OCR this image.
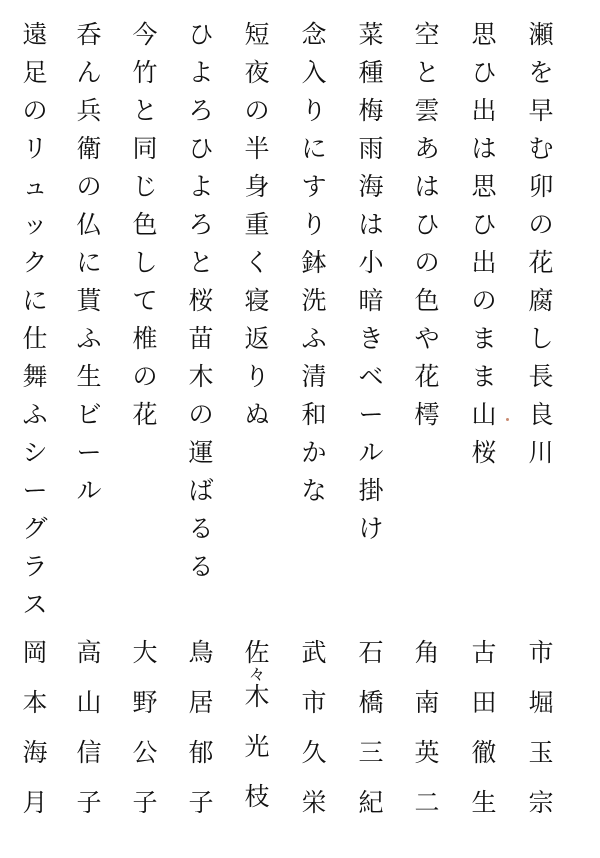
瀬
を
早
む
卯
の
花
腐
し
長
良
川
思
ひ
出
は
思
ひ
出
の
ま
ま
山
桜
空
と
雲
あ
は
ひ
の
色
や
花
樗
菜
種
梅
雨
海
は
小
暗
き
ベ
ー
ル
掛
け
念
入
り
に
す
り
鉢
洗
ふ
清
和
か
な
短
夜
の
半
身
重
く
寝
返
り
ぬ
ひ
よ
ろ
ひ
よ
ろ
と
桜
苗
木
の
運
ば
る
る
今
竹
と
同
じ
色
し
て
椎
の
花
呑
ん
兵
衛
の
仏
に
貰
ふ
生
ビ
ー
ル
遠
足
の
リ
ュ
ッ
ク
に
仕
舞
ふ
シ
ー
グ
ラ
ス
市
堀
玉
宗
古
田
徹
生
角
南
英
二
石
橋
三
紀
武
市
久
栄
佐
々
木
光
枝
鳥
居
郁
子
大
野
公
子
高
山
信
子
岡
本
海
月
